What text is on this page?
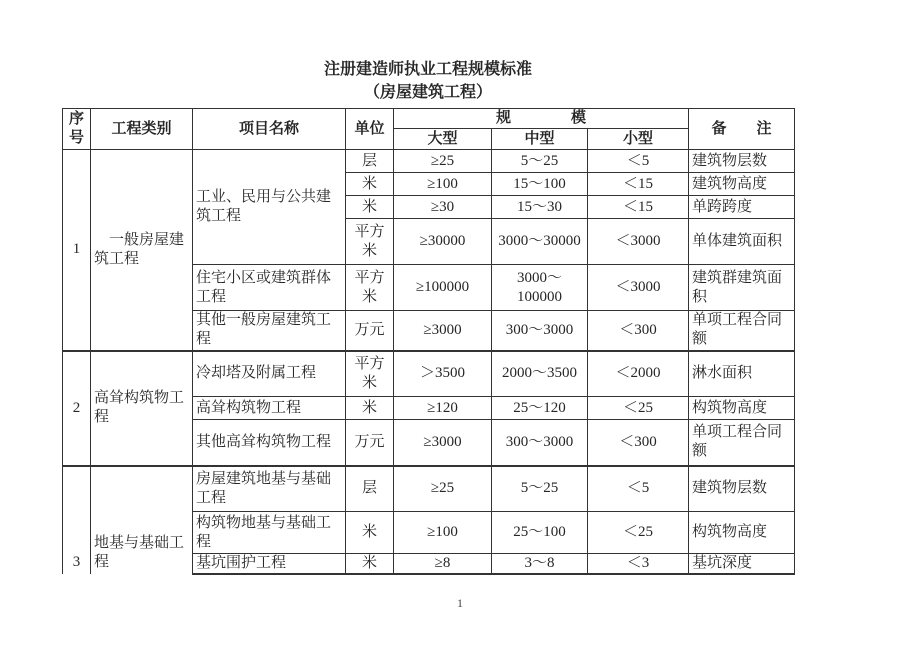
注册建造师执业工程规模标准
（房屋建筑工程）
序号	工程类别	项目名称	单位	规　　　　模			备　　注
				大型	中型	小型	
1	　一般房屋建筑工程	工业、民用与公共建筑工程	层	≥25	5～25	＜5	建筑物层数
			米	≥100	15～100	＜15	建筑物高度
			米	≥30	15～30	＜15	单跨跨度
			平方米	≥30000	3000～30000	＜3000	单体建筑面积
		住宅小区或建筑群体工程	平方米	≥100000	3000～100000	＜3000	建筑群建筑面积
		其他一般房屋建筑工程	万元	≥3000	300～3000	＜300	单项工程合同额
2	高耸构筑物工程	冷却塔及附属工程	平方米	＞3500	2000～3500	＜2000	淋水面积
		高耸构筑物工程	米	≥120	25～120	＜25	构筑物高度
		其他高耸构筑物工程	万元	≥3000	300～3000	＜300	单项工程合同额
3	地基与基础工程	房屋建筑地基与基础工程	层	≥25	5～25	＜5	建筑物层数
		构筑物地基与基础工程	米	≥100	25～100	＜25	构筑物高度
		基坑围护工程	米	≥8	3～8	＜3	基坑深度
1
